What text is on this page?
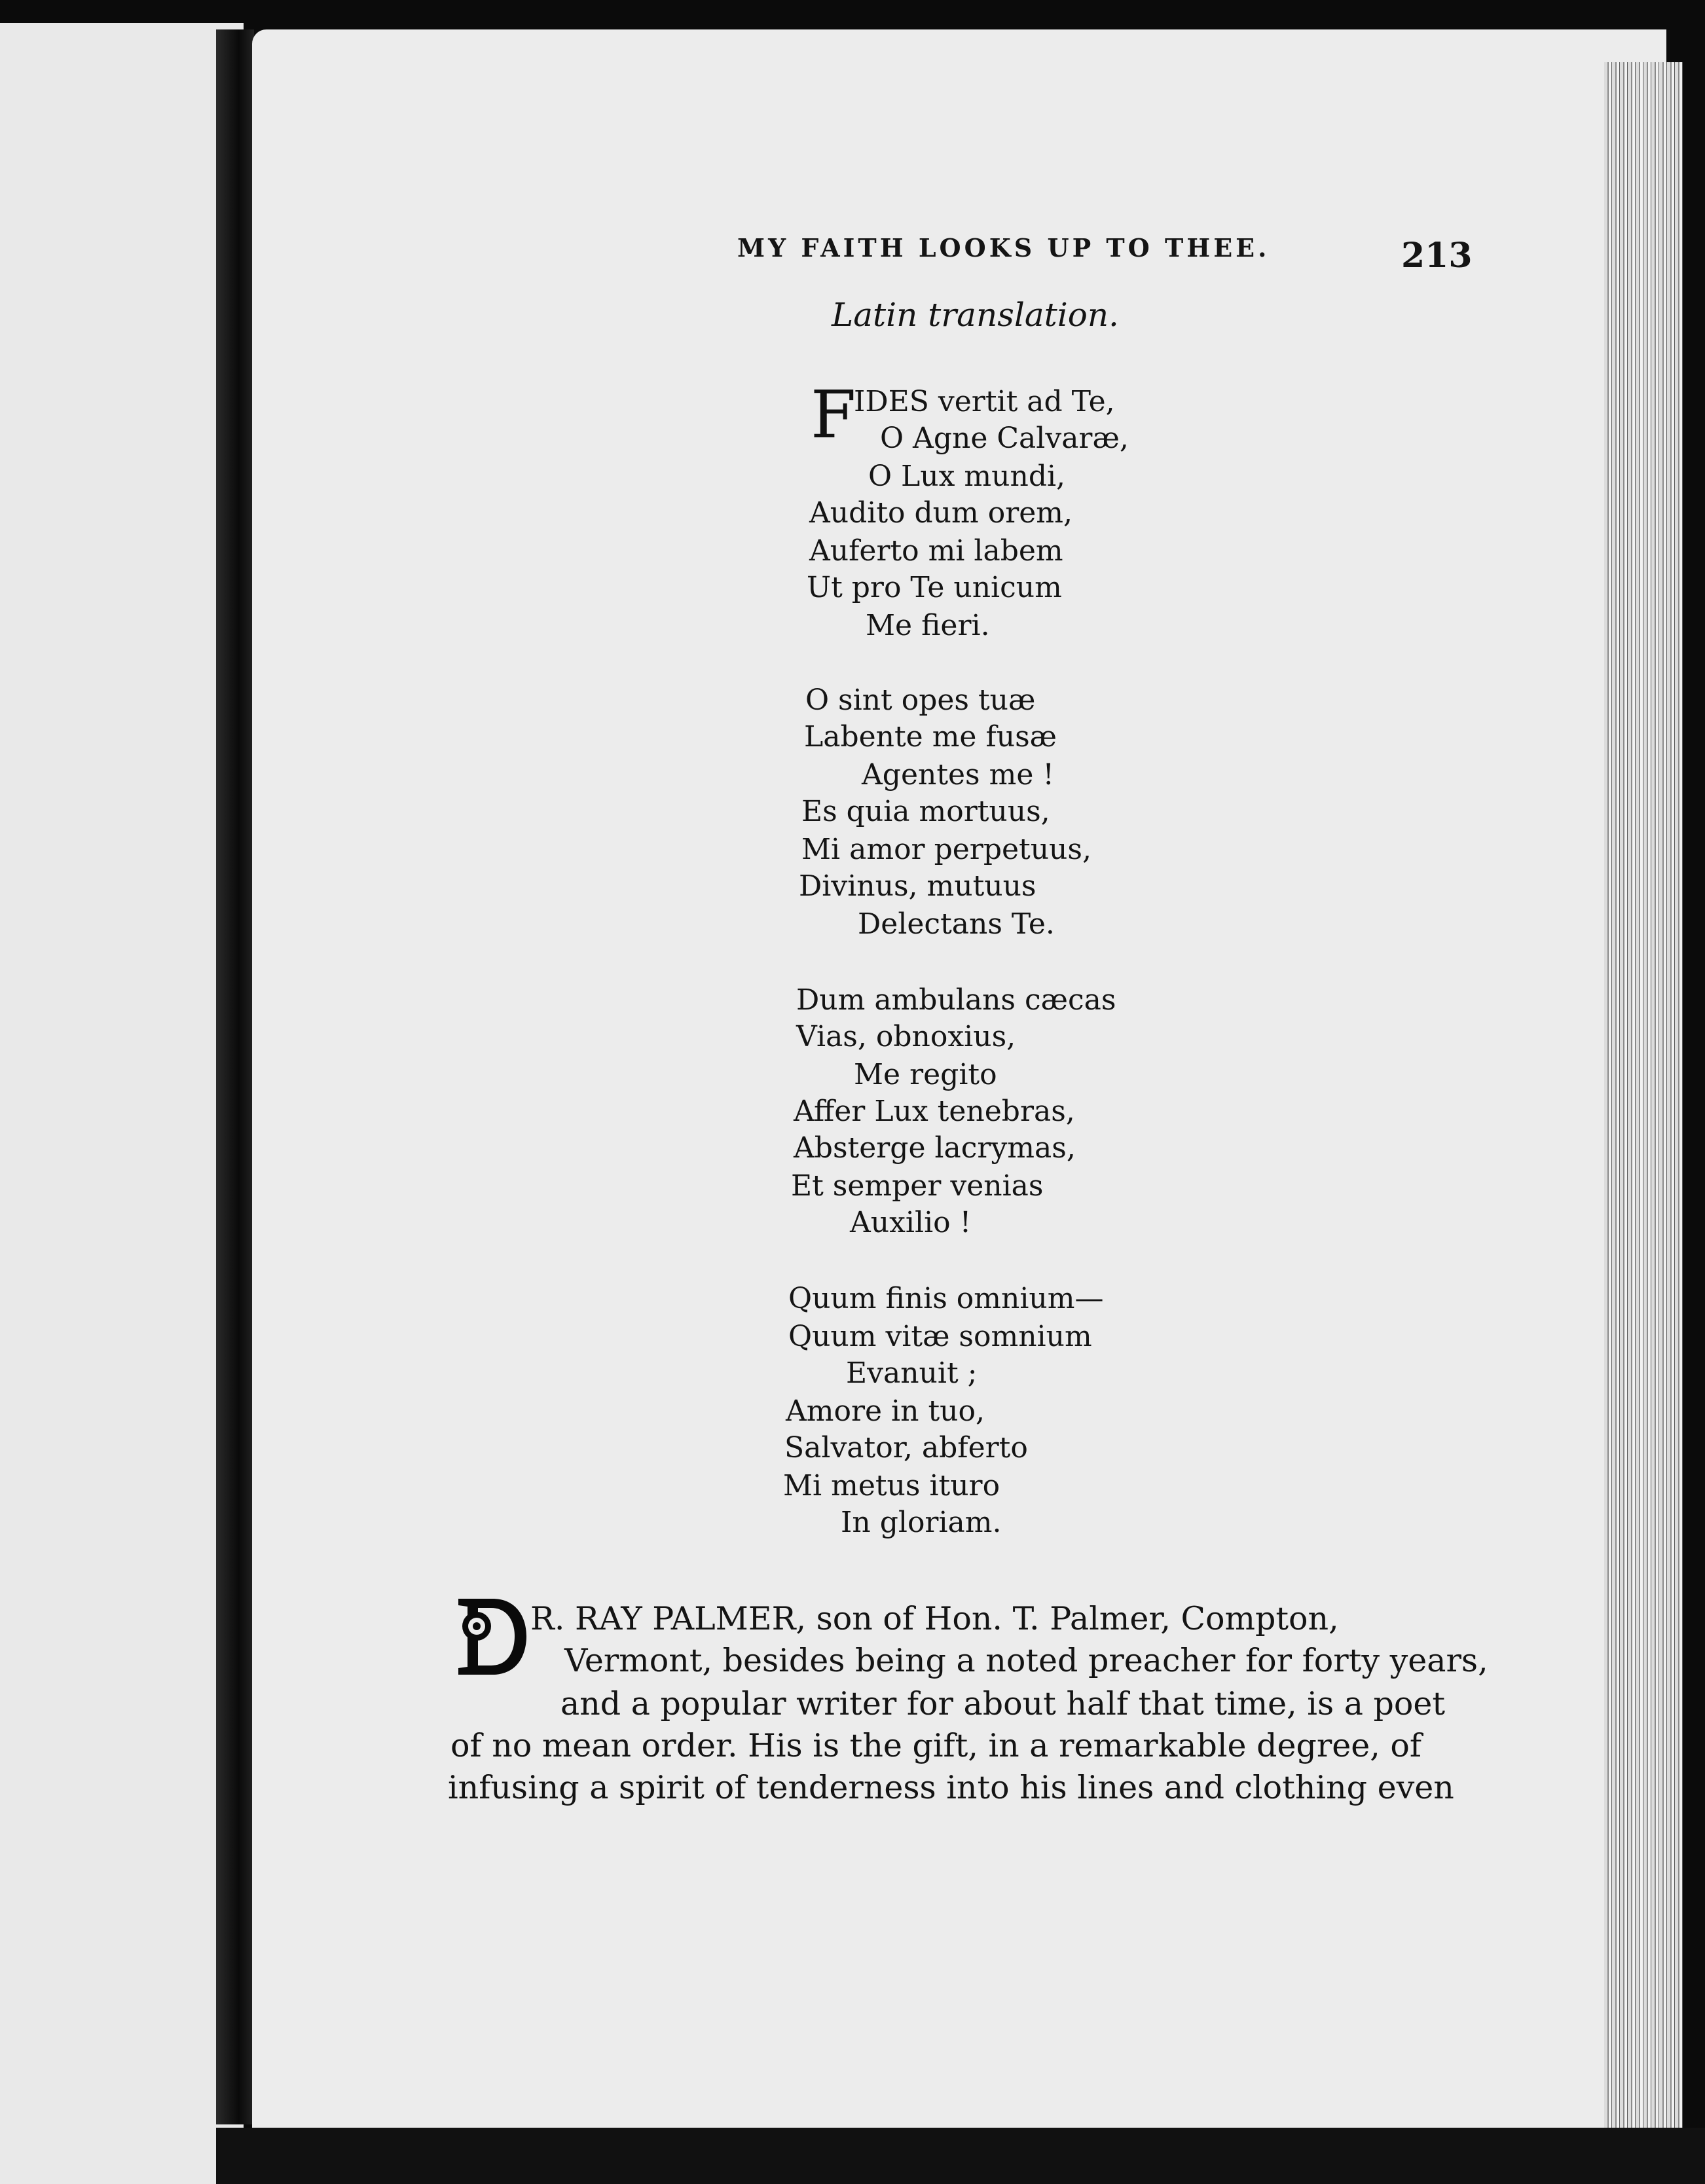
MY FAITH LOOKS UP TO THEE.	213
Latin translation.
F
IDES vertit ad Te,
O Agne Calvaræ,
O Lux mundi,
Audito dum orem,
Auferto mi labem
Ut pro Te unicum
Me fieri.
O sint opes tuæ
Labente me fusæ
Agentes me !
Es quia mortuus,
Mi amor perpetuus,
Divinus, mutuus
Delectans Te.
Dum ambulans cæcas
Vias, obnoxius,
Me regito
Affer Lux tenebras,
Absterge lacrymas,
Et semper venias
Auxilio !
Quum finis omnium—
Quum vitæ somnium
Evanuit ;
Amore in tuo,
Salvator, abferto
Mi metus ituro
In gloriam.
R. RAY PALMER, son of Hon. T. Palmer, Compton,
Vermont, besides being a noted preacher for forty years,
and a popular writer for about half that time, is a poet
of no mean order. His is the gift, in a remarkable degree, of
infusing a spirit of tenderness into his lines and clothing even
